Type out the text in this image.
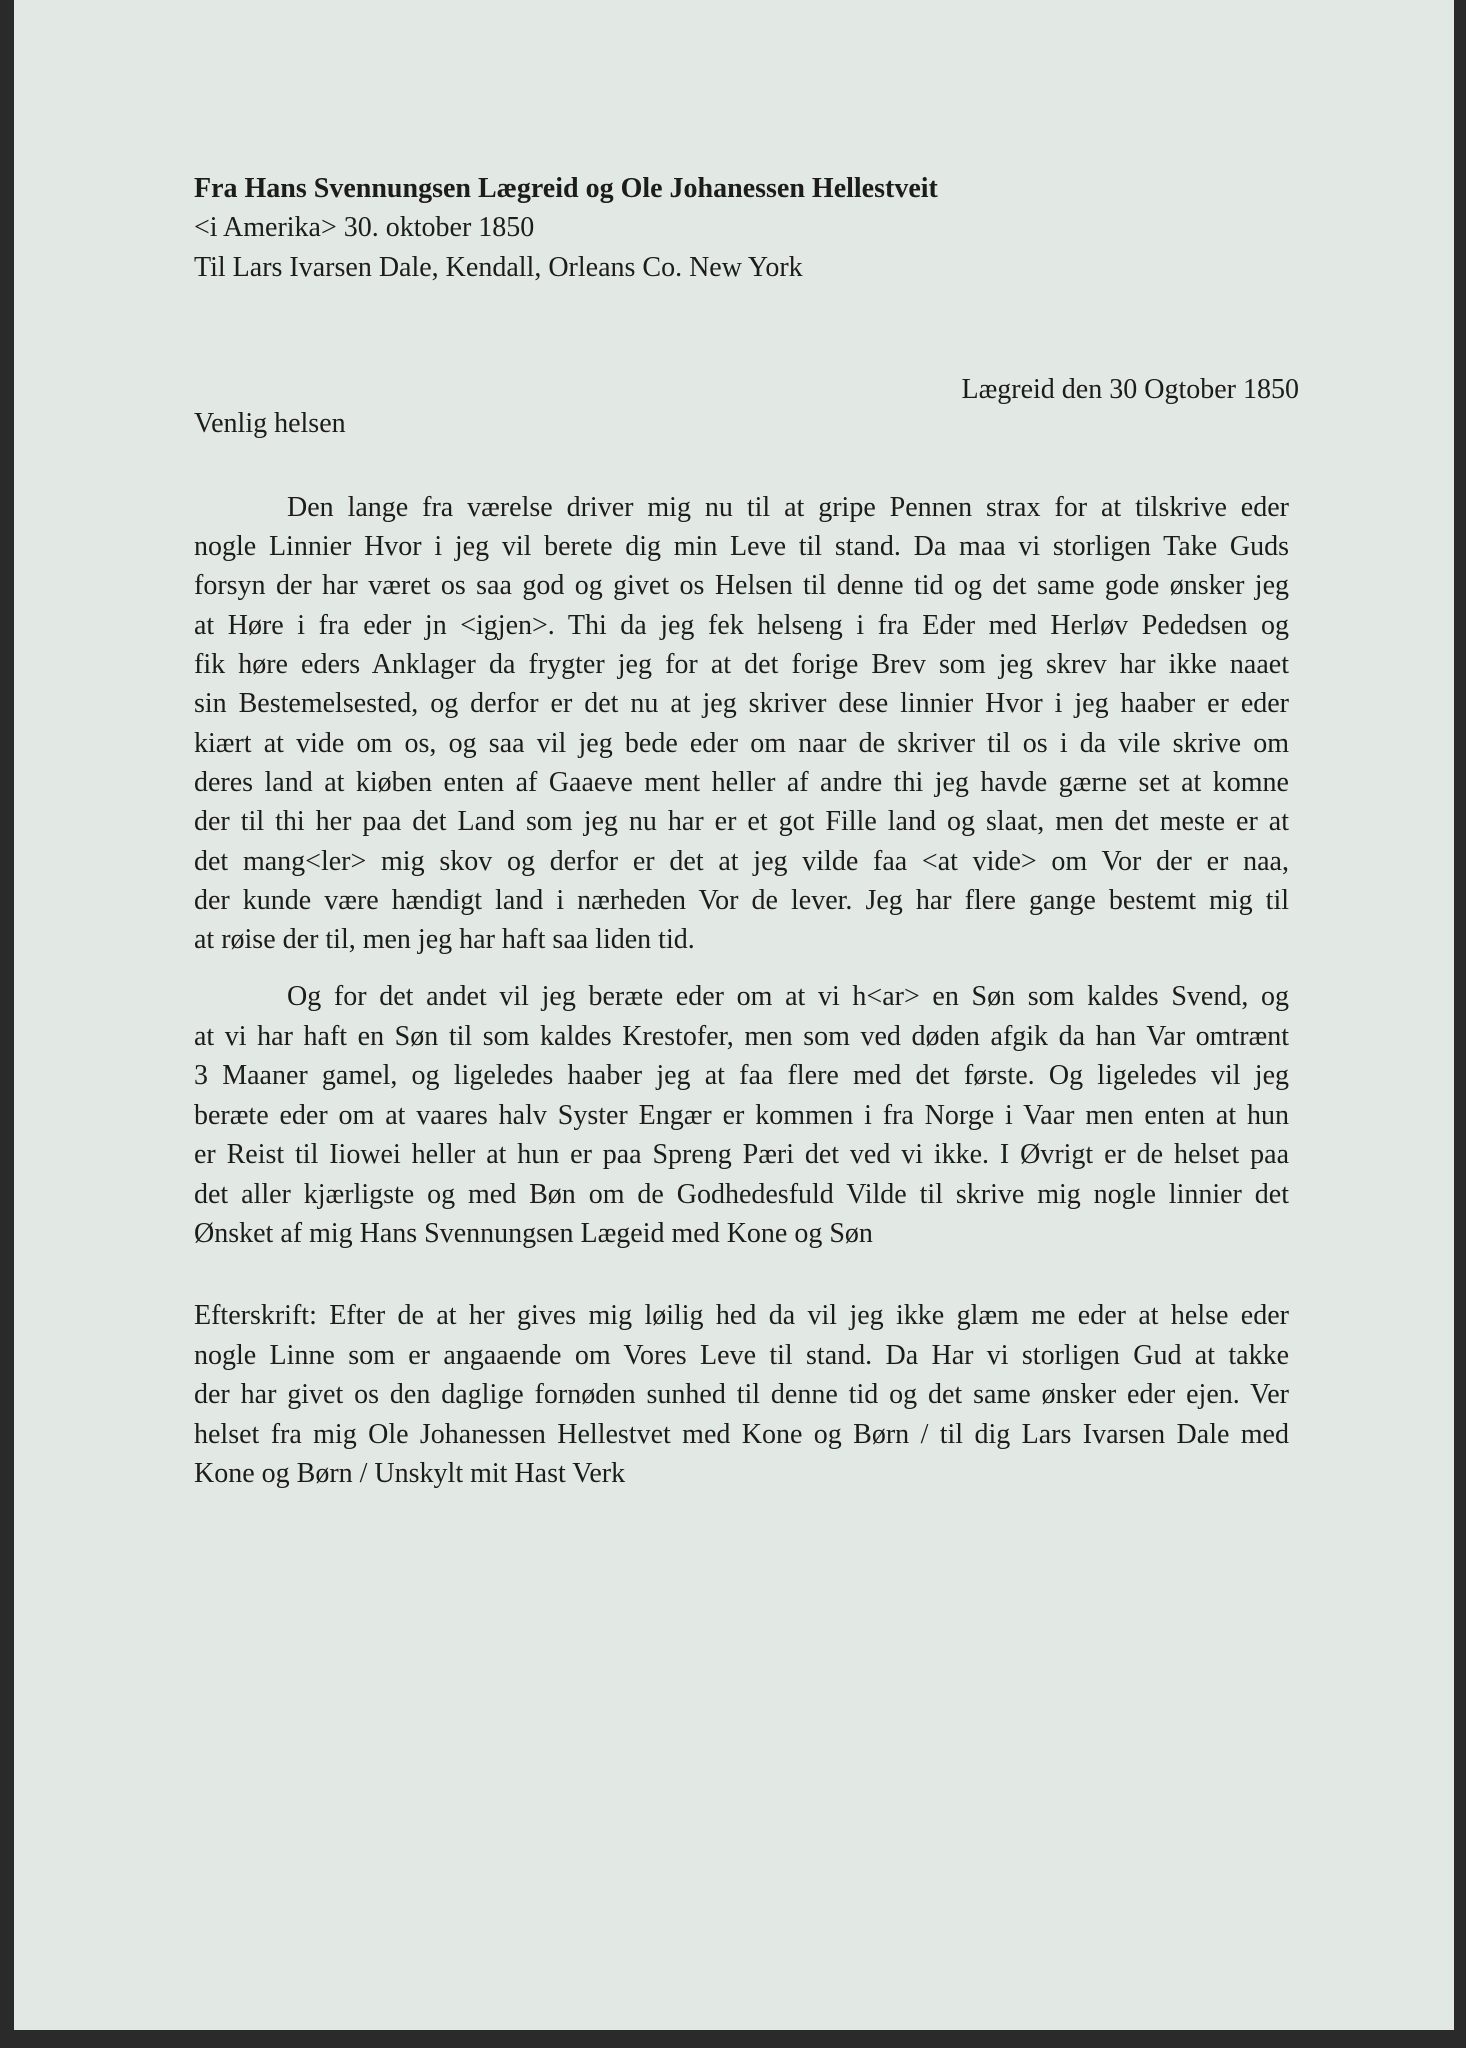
Fra Hans Svennungsen Lægreid og Ole Johanessen Hellestveit
<i Amerika> 30. oktober 1850
Til Lars Ivarsen Dale, Kendall, Orleans Co. New York
Lægreid den 30 Ogtober 1850
Venlig helsen
Den lange fra værelse driver mig nu til at gripe Pennen strax for at tilskrive eder
nogle Linnier Hvor i jeg vil berete dig min Leve til stand. Da maa vi storligen Take Guds
forsyn der har været os saa god og givet os Helsen til denne tid og det same gode ønsker jeg
at Høre i fra eder jn <igjen>. Thi da jeg fek helseng i fra Eder med Herløv Pededsen og
fik høre eders Anklager da frygter jeg for at det forige Brev som jeg skrev har ikke naaet
sin Bestemelsested, og derfor er det nu at jeg skriver dese linnier Hvor i jeg haaber er eder
kiært at vide om os, og saa vil jeg bede eder om naar de skriver til os i da vile skrive om
deres land at kiøben enten af Gaaeve ment heller af andre thi jeg havde gærne set at komne
der til thi her paa det Land som jeg nu har er et got Fille land og slaat, men det meste er at
det mang<ler> mig skov og derfor er det at jeg vilde faa <at vide> om Vor der er naa,
der kunde være hændigt land i nærheden Vor de lever. Jeg har flere gange bestemt mig til
at røise der til, men jeg har haft saa liden tid.
Og for det andet vil jeg beræte eder om at vi h<ar> en Søn som kaldes Svend, og
at vi har haft en Søn til som kaldes Krestofer, men som ved døden afgik da han Var omtrænt
3 Maaner gamel, og ligeledes haaber jeg at faa flere med det første. Og ligeledes vil jeg
beræte eder om at vaares halv Syster Engær er kommen i fra Norge i Vaar men enten at hun
er Reist til Iiowei heller at hun er paa Spreng Pæri det ved vi ikke. I Øvrigt er de helset paa
det aller kjærligste og med Bøn om de Godhedesfuld Vilde til skrive mig nogle linnier det
Ønsket af mig Hans Svennungsen Lægeid med Kone og Søn
Efterskrift: Efter de at her gives mig løilig hed da vil jeg ikke glæm me eder at helse eder
nogle Linne som er angaaende om Vores Leve til stand. Da Har vi storligen Gud at takke
der har givet os den daglige fornøden sunhed til denne tid og det same ønsker eder ejen. Ver
helset fra mig Ole Johanessen Hellestvet med Kone og Børn / til dig Lars Ivarsen Dale med
Kone og Børn / Unskylt mit Hast Verk
